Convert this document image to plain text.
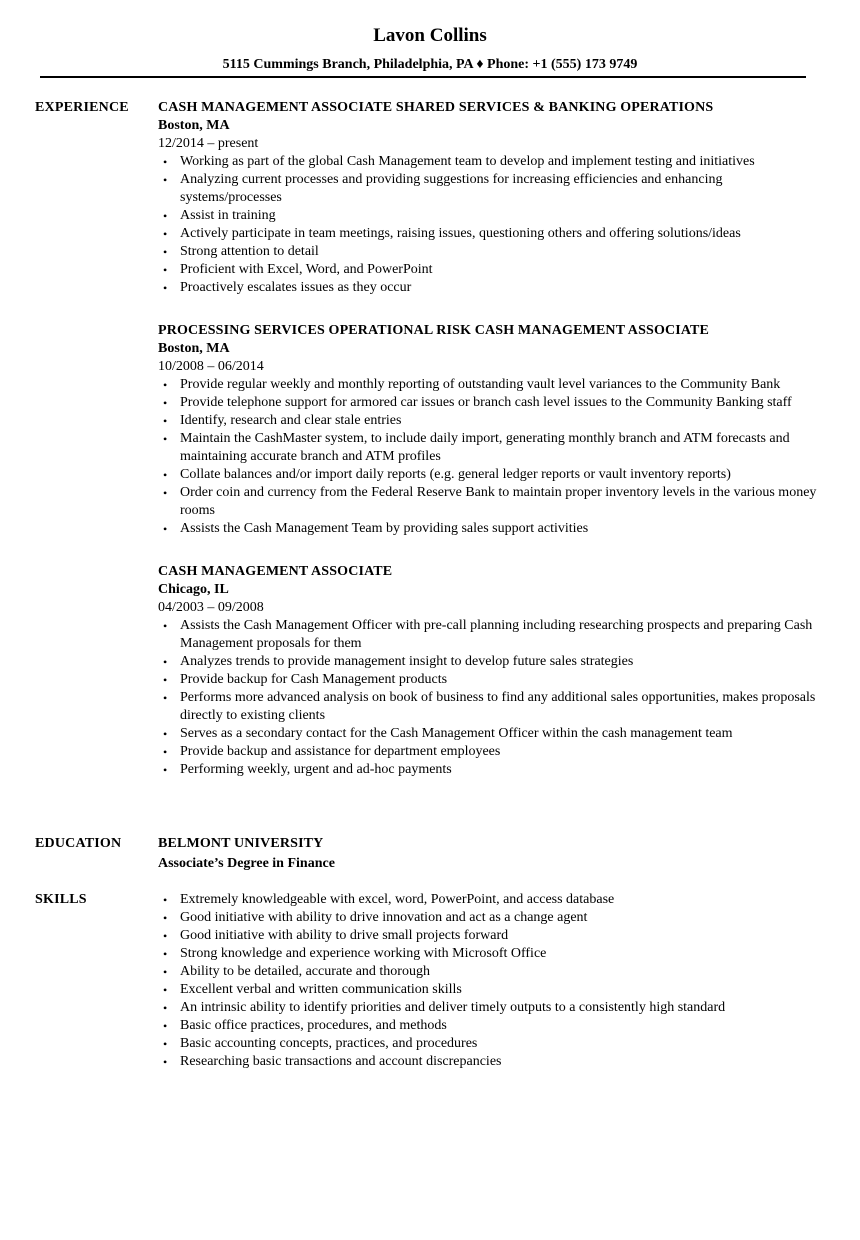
Lavon Collins
5115 Cummings Branch, Philadelphia, PA ♦ Phone: +1 (555) 173 9749
EXPERIENCE CASH MANAGEMENT ASSOCIATE SHARED SERVICES & BANKING OPERATIONS
Boston, MA
12/2014 – present
• Working as part of the global Cash Management team to develop and implement testing and initiatives
• Analyzing current processes and providing suggestions for increasing efficiencies and enhancing systems/processes
• Assist in training
• Actively participate in team meetings, raising issues, questioning others and offering solutions/ideas
• Strong attention to detail
• Proficient with Excel, Word, and PowerPoint
• Proactively escalates issues as they occur
PROCESSING SERVICES OPERATIONAL RISK CASH MANAGEMENT ASSOCIATE
Boston, MA
10/2008 – 06/2014
• Provide regular weekly and monthly reporting of outstanding vault level variances to the Community Bank
• Provide telephone support for armored car issues or branch cash level issues to the Community Banking staff
• Identify, research and clear stale entries
• Maintain the CashMaster system, to include daily import, generating monthly branch and ATM forecasts and maintaining accurate branch and ATM profiles
• Collate balances and/or import daily reports (e.g. general ledger reports or vault inventory reports)
• Order coin and currency from the Federal Reserve Bank to maintain proper inventory levels in the various money rooms
• Assists the Cash Management Team by providing sales support activities
CASH MANAGEMENT ASSOCIATE
Chicago, IL
04/2003 – 09/2008
• Assists the Cash Management Officer with pre-call planning including researching prospects and preparing Cash Management proposals for them
• Analyzes trends to provide management insight to develop future sales strategies
• Provide backup for Cash Management products
• Performs more advanced analysis on book of business to find any additional sales opportunities, makes proposals directly to existing clients
• Serves as a secondary contact for the Cash Management Officer within the cash management team
• Provide backup and assistance for department employees
• Performing weekly, urgent and ad-hoc payments
EDUCATION	BELMONT UNIVERSITY
Associate’s Degree in Finance
SKILLS
•	Extremely knowledgeable with excel, word, PowerPoint, and access database
• Good initiative with ability to drive innovation and act as a change agent
• Good initiative with ability to drive small projects forward
• Strong knowledge and experience working with Microsoft Office
• Ability to be detailed, accurate and thorough
• Excellent verbal and written communication skills
• An intrinsic ability to identify priorities and deliver timely outputs to a consistently high standard
• Basic office practices, procedures, and methods
• Basic accounting concepts, practices, and procedures
• Researching basic transactions and account discrepancies
